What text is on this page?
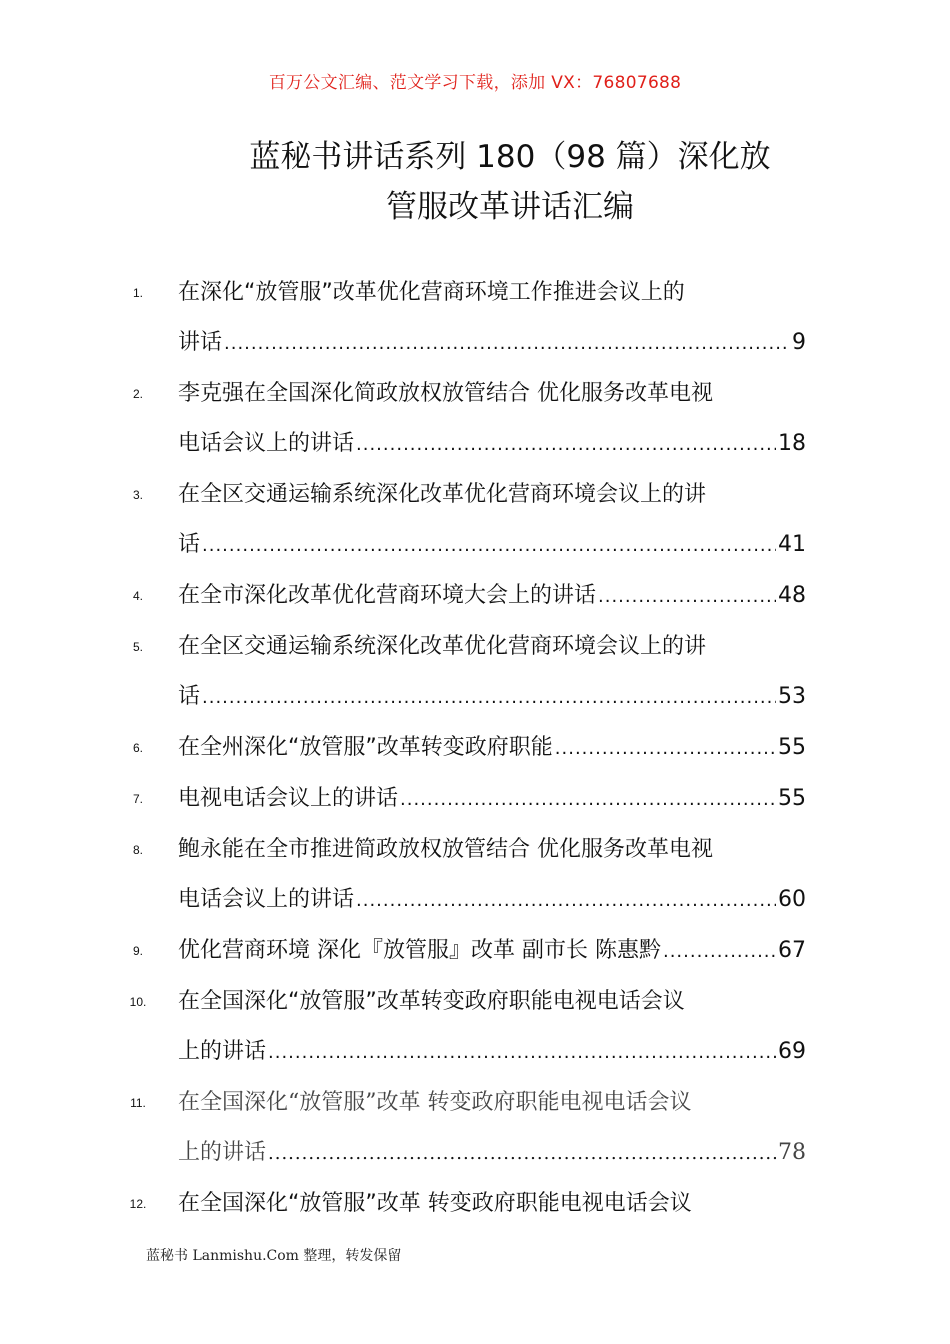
百万公文汇编、范文学习下载，添加 VX：76807688
蓝秘书讲话系列 180（98 篇）深化放
管服改革讲话汇编
1.	在深化“放管服”改革优化营商环境工作推进会议上的
讲话 .....	9
2.	李克强在全国深化简政放权放管结合 优化服务改革电视
电话会议上的讲话 .....	18
3.	在全区交通运输系统深化改革优化营商环境会议上的讲
话 .....	41
4.	在全市深化改革优化营商环境大会上的讲话 .....	48
5.	在全区交通运输系统深化改革优化营商环境会议上的讲
话 .....	53
6.	在全州深化“放管服”改革转变政府职能 .....	55
7.	电视电话会议上的讲话 .....	55
8.	鲍永能在全市推进简政放权放管结合 优化服务改革电视
电话会议上的讲话 .....	60
9.	优化营商环境 深化『放管服』改革 副市长 陈惠黔 .....	67
10.	在全国深化“放管服”改革转变政府职能电视电话会议
上的讲话 .....	69
11.	在全国深化“放管服”改革 转变政府职能电视电话会议
上的讲话 .....	78
12.	在全国深化“放管服”改革 转变政府职能电视电话会议
蓝秘书 Lanmishu.Com 整理，转发保留
